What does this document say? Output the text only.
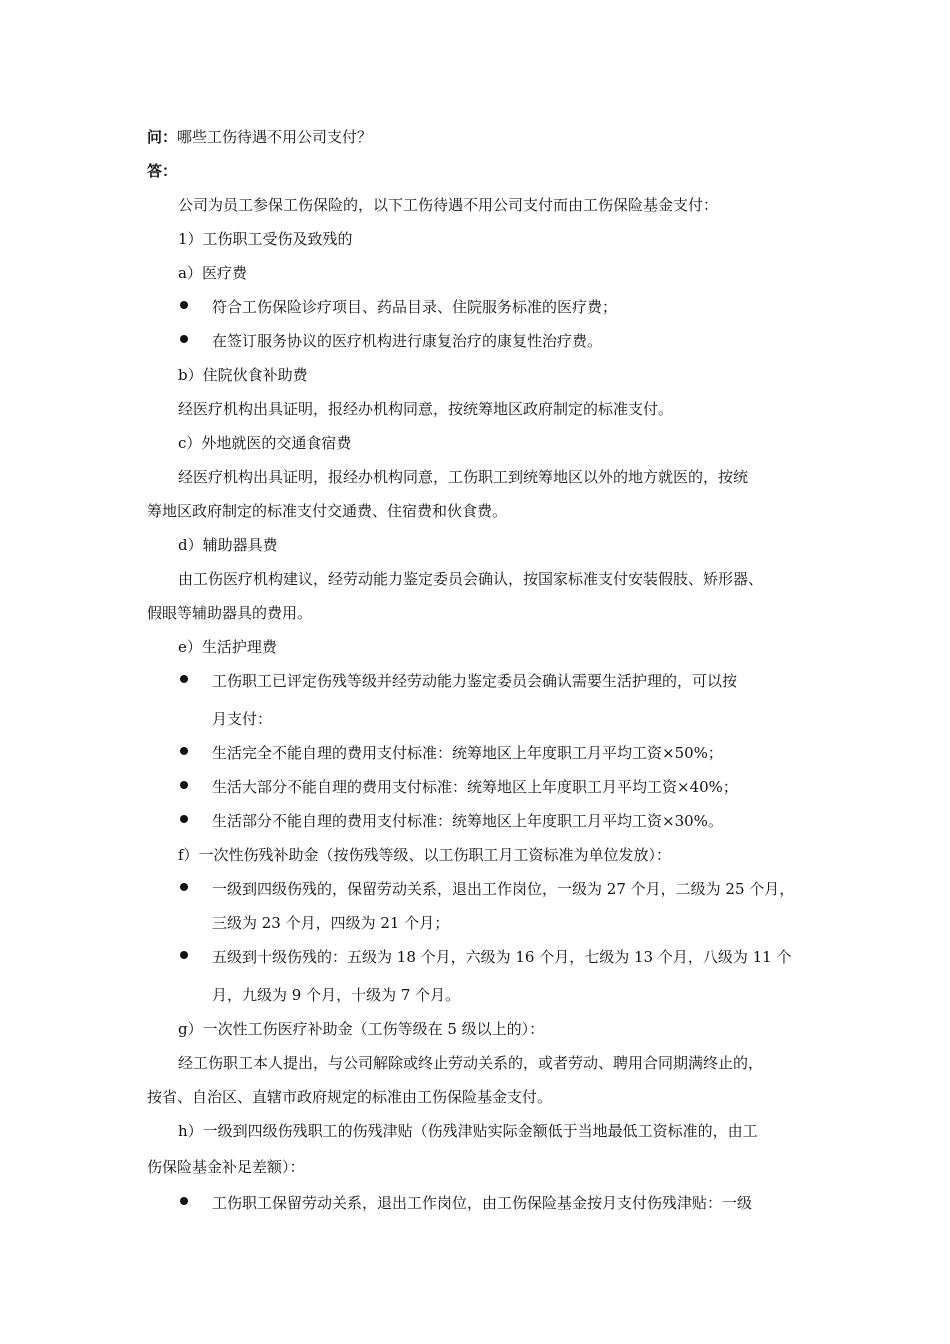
问： 哪些工伤待遇不用公司支付？
答：
公司为员工参保工伤保险的，以下工伤待遇不用公司支付而由工伤保险基金支付：
1）工伤职工受伤及致残的
a）医疗费
符合工伤保险诊疗项目、药品目录、住院服务标准的医疗费；
在签订服务协议的医疗机构进行康复治疗的康复性治疗费。
b）住院伙食补助费
经医疗机构出具证明，报经办机构同意，按统筹地区政府制定的标准支付。
c）外地就医的交通食宿费
经医疗机构出具证明，报经办机构同意，工伤职工到统筹地区以外的地方就医的，按统
筹地区政府制定的标准支付交通费、住宿费和伙食费。
d）辅助器具费
由工伤医疗机构建议，经劳动能力鉴定委员会确认，按国家标准支付安装假肢、矫形器、
假眼等辅助器具的费用。
e）生活护理费
工伤职工已评定伤残等级并经劳动能力鉴定委员会确认需要生活护理的，可以按
月支付：
生活完全不能自理的费用支付标准：统筹地区上年度职工月平均工资×50%；
生活大部分不能自理的费用支付标准：统筹地区上年度职工月平均工资×40%；
生活部分不能自理的费用支付标准：统筹地区上年度职工月平均工资×30%。
f）一次性伤残补助金（按伤残等级、以工伤职工月工资标准为单位发放）：
一级到四级伤残的，保留劳动关系，退出工作岗位，一级为 27 个月，二级为 25 个月，
三级为 23 个月，四级为 21 个月；
五级到十级伤残的：五级为 18 个月，六级为 16 个月，七级为 13 个月，八级为 11 个
月，九级为 9 个月，十级为 7 个月。
g）一次性工伤医疗补助金（工伤等级在 5 级以上的）：
经工伤职工本人提出，与公司解除或终止劳动关系的，或者劳动、聘用合同期满终止的，
按省、自治区、直辖市政府规定的标准由工伤保险基金支付。
h）一级到四级伤残职工的伤残津贴（伤残津贴实际金额低于当地最低工资标准的，由工
伤保险基金补足差额）：
工伤职工保留劳动关系，退出工作岗位，由工伤保险基金按月支付伤残津贴：一级
